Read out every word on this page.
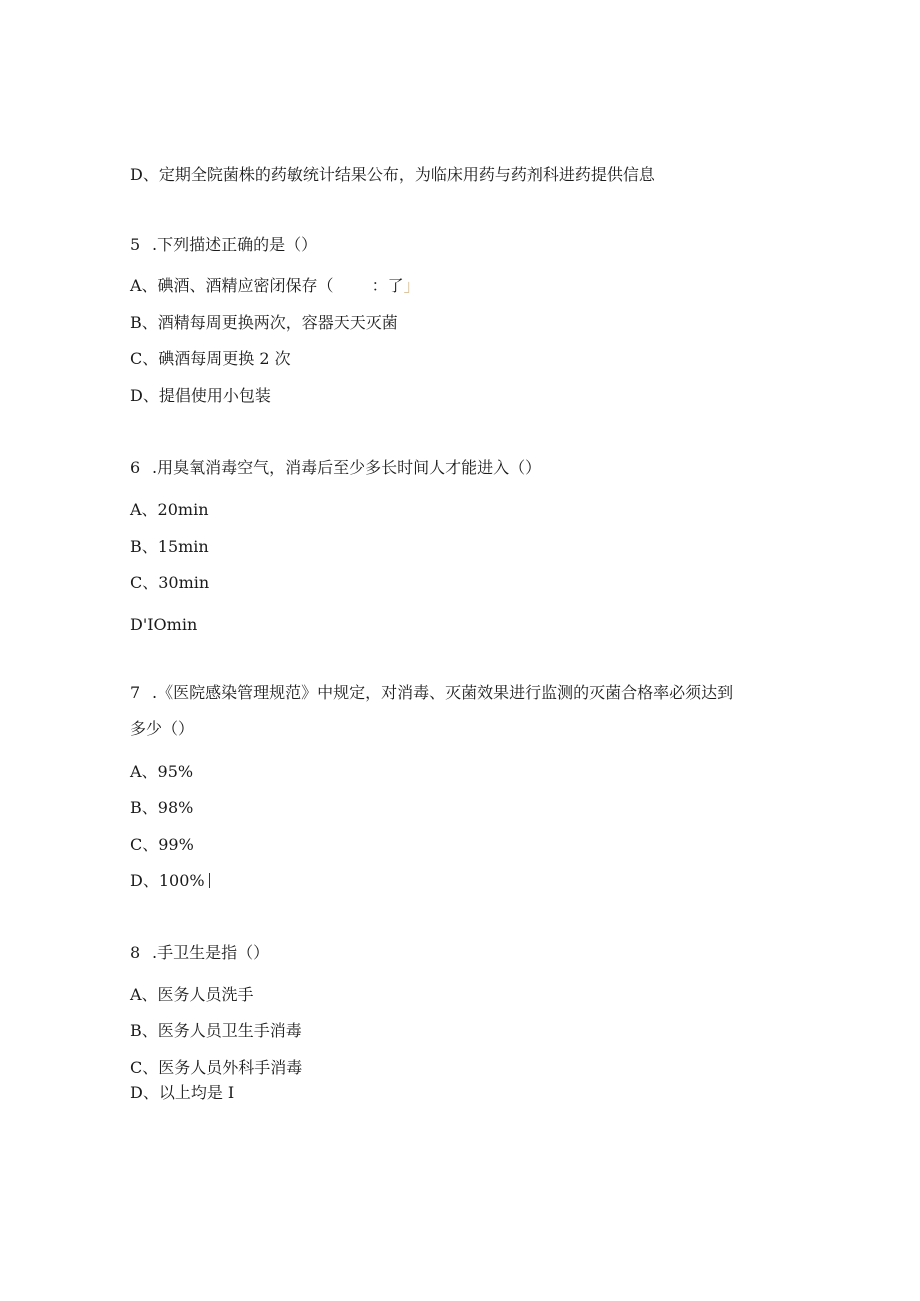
D、定期全院菌株的药敏统计结果公布，为临床用药与药剂科进药提供信息
5 .下列描述正确的是（）
A、碘酒、酒精应密闭保存（ ：了」
B、酒精每周更换两次，容器天天灭菌
C、碘酒每周更换 2 次
D、提倡使用小包装
6 .用臭氧消毒空气，消毒后至少多长时间人才能进入（）
A、20min
B、15min
C、30min
D'IOmin
7 .《医院感染管理规范》中规定，对消毒、灭菌效果进行监测的灭菌合格率必须达到
多少（）
A、95%
B、98%
C、99%
D、100%
8 .手卫生是指（）
A、医务人员洗手
B、医务人员卫生手消毒
C、医务人员外科手消毒
D、以上均是 I
